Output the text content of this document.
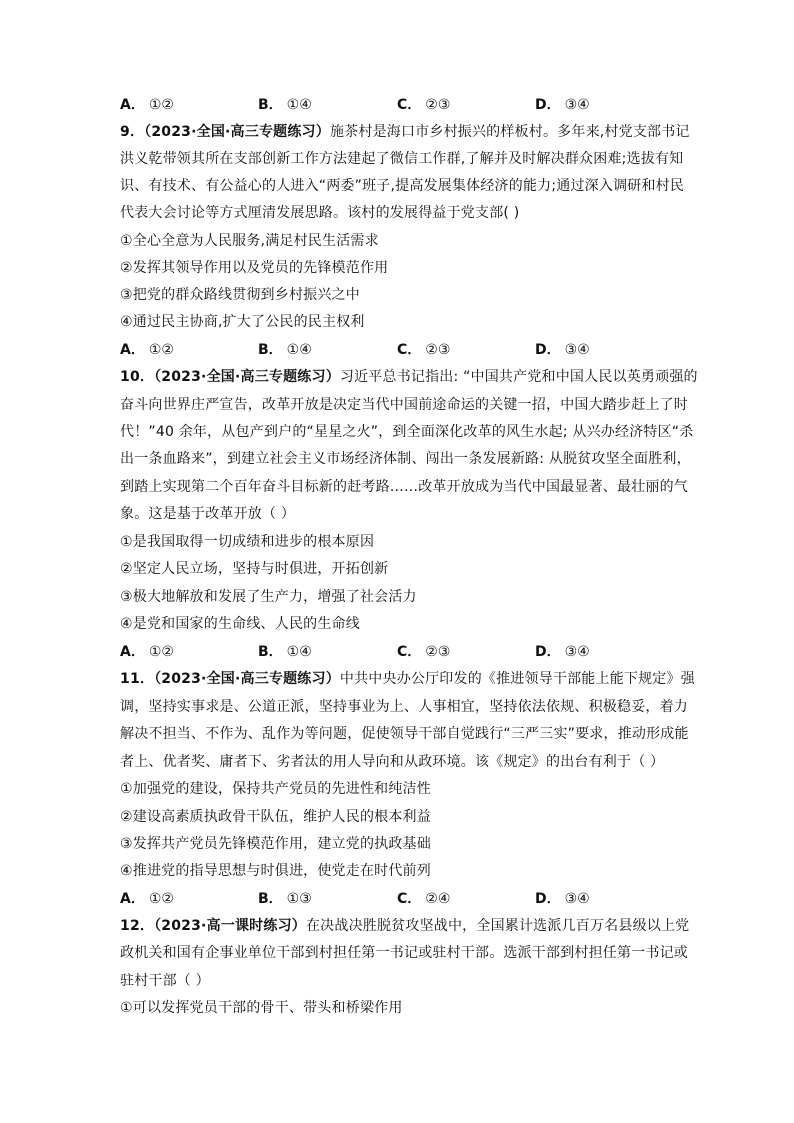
A． ①②	B． ①④	C． ②③	D． ③④
9．（2023·全国·高三专题练习）施茶村是海口市乡村振兴的样板村。多年来,村党支部书记
洪义乾带领其所在支部创新工作方法建起了微信工作群,了解并及时解决群众困难;选拔有知
识、有技术、有公益心的人进入“两委”班子,提高发展集体经济的能力;通过深入调研和村民
代表大会讨论等方式厘清发展思路。该村的发展得益于党支部( )
①全心全意为人民服务,满足村民生活需求
②发挥其领导作用以及党员的先锋模范作用
③把党的群众路线贯彻到乡村振兴之中
④通过民主协商,扩大了公民的民主权利
A． ①②	B． ①④	C． ②③	D． ③④
10．（2023·全国·高三专题练习）习近平总书记指出: “中国共产党和中国人民以英勇顽强的
奋斗向世界庄严宣告，改革开放是决定当代中国前途命运的关键一招，中国大踏步赶上了时
代！”40 余年，从包产到户的“星星之火”，到全面深化改革的风生水起; 从兴办经济特区“杀
出一条血路来”，到建立社会主义市场经济体制、闯出一条发展新路: 从脱贫攻坚全面胜利，
到踏上实现第二个百年奋斗目标新的赶考路……改革开放成为当代中国最显著、最壮丽的气
象。这是基于改革开放（ ）
①是我国取得一切成绩和进步的根本原因
②坚定人民立场，坚持与时俱进，开拓创新
③极大地解放和发展了生产力，增强了社会活力
④是党和国家的生命线、人民的生命线
A． ①②	B． ①④	C． ②③	D． ③④
11．（2023·全国·高三专题练习）中共中央办公厅印发的《推进领导干部能上能下规定》强
调，坚持实事求是、公道正派，坚持事业为上、人事相宜，坚持依法依规、积极稳妥，着力
解决不担当、不作为、乱作为等问题，促使领导干部自觉践行“三严三实”要求，推动形成能
者上、优者奖、庸者下、劣者汰的用人导向和从政环境。该《规定》的出台有利于（ ）
①加强党的建设，保持共产党员的先进性和纯洁性
②建设高素质执政骨干队伍，维护人民的根本利益
③发挥共产党员先锋模范作用，建立党的执政基础
④推进党的指导思想与时俱进，使党走在时代前列
A． ①②	B． ①③	C． ②④	D． ③④
12．（2023·高一课时练习）在决战决胜脱贫攻坚战中，全国累计选派几百万名县级以上党
政机关和国有企事业单位干部到村担任第一书记或驻村干部。选派干部到村担任第一书记或
驻村干部（ ）
①可以发挥党员干部的骨干、带头和桥梁作用
